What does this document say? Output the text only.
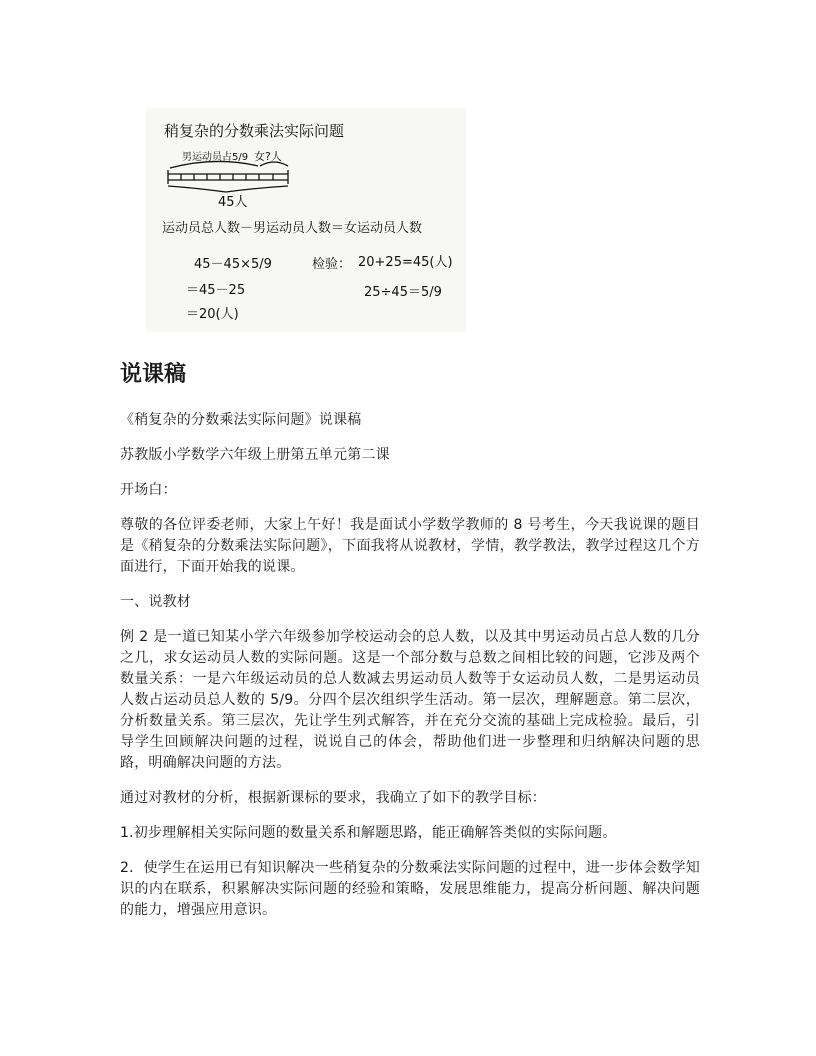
稍复杂的分数乘法实际问题
男运动员占5/9 女?人
45人
运动员总人数－男运动员人数＝女运动员人数
45－45×5/9
＝45－25
＝20(人)
检验： 20+25=45(人)
25÷45＝5/9
说课稿

《稍复杂的分数乘法实际问题》说课稿

苏教版小学数学六年级上册第五单元第二课

开场白：

尊敬的各位评委老师，大家上午好！我是面试小学数学教师的 8 号考生，今天我说课的题目是《稍复杂的分数乘法实际问题》，下面我将从说教材，学情，教学教法，教学过程这几个方面进行，下面开始我的说课。

一、说教材

例 2 是一道已知某小学六年级参加学校运动会的总人数，以及其中男运动员占总人数的几分之几，求女运动员人数的实际问题。这是一个部分数与总数之间相比较的问题，它涉及两个数量关系：一是六年级运动员的总人数减去男运动员人数等于女运动员人数，二是男运动员人数占运动员总人数的 5/9。分四个层次组织学生活动。第一层次，理解题意。第二层次，分析数量关系。第三层次，先让学生列式解答，并在充分交流的基础上完成检验。最后，引导学生回顾解决问题的过程，说说自己的体会，帮助他们进一步整理和归纳解决问题的思路，明确解决问题的方法。

通过对教材的分析，根据新课标的要求，我确立了如下的教学目标：

1.初步理解相关实际问题的数量关系和解题思路，能正确解答类似的实际问题。

2．使学生在运用已有知识解决一些稍复杂的分数乘法实际问题的过程中，进一步体会数学知识的内在联系，积累解决实际问题的经验和策略，发展思维能力，提高分析问题、解决问题的能力，增强应用意识。
